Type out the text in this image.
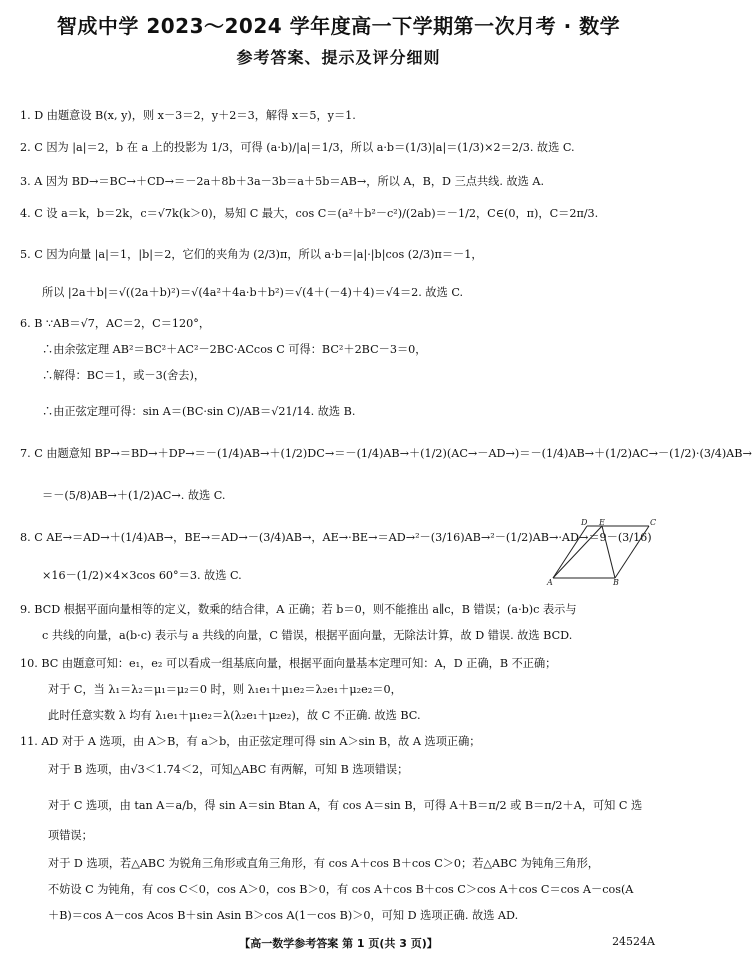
智成中学 2023～2024 学年度高一下学期第一次月考 · 数学
参考答案、提示及评分细则
1. D 由题意设 B(x, y)，则 x－3＝2，y＋2＝3，解得 x＝5，y＝1.
2. C 因为 |a|＝2，b 在 a 上的投影为 1/3，可得 (a·b)/|a|＝1/3，所以 a·b＝(1/3)|a|＝(1/3)×2＝2/3. 故选 C.
3. A 因为 BD→＝BC→＋CD→＝－2a＋8b＋3a－3b＝a＋5b＝AB→，所以 A，B，D 三点共线. 故选 A.
4. C 设 a＝k，b＝2k，c＝√7k(k＞0)，易知 C 最大，cos C＝(a²＋b²－c²)/(2ab)＝－1/2，C∈(0，π)，C＝2π/3.
5. C 因为向量 |a|＝1，|b|＝2，它们的夹角为 (2/3)π，所以 a·b＝|a|·|b|cos (2/3)π＝－1，
所以 |2a＋b|＝√((2a＋b)²)＝√(4a²＋4a·b＋b²)＝√(4＋(－4)＋4)＝√4＝2. 故选 C.
6. B ∵AB＝√7，AC＝2，C＝120°，
∴由余弦定理 AB²＝BC²＋AC²－2BC·ACcos C 可得：BC²＋2BC－3＝0，
∴解得：BC＝1，或－3(舍去)，
∴由正弦定理可得：sin A＝(BC·sin C)/AB＝√21/14. 故选 B.
7. C 由题意知 BP→＝BD→＋DP→＝－(1/4)AB→＋(1/2)DC→＝－(1/4)AB→＋(1/2)(AC→－AD→)＝－(1/4)AB→＋(1/2)AC→－(1/2)·(3/4)AB→
＝－(5/8)AB→＋(1/2)AC→. 故选 C.
8. C AE→＝AD→＋(1/4)AB→，BE→＝AD→－(3/4)AB→，AE→·BE→＝AD→²－(3/16)AB→²－(1/2)AB→·AD→＝9－(3/16)
×16－(1/2)×4×3cos 60°＝3. 故选 C.
9. BCD 根据平面向量相等的定义，数乘的结合律，A 正确；若 b＝0，则不能推出 a∥c，B 错误；(a·b)c 表示与
c 共线的向量，a(b·c) 表示与 a 共线的向量，C 错误，根据平面向量，无除法计算，故 D 错误. 故选 BCD.
10. BC 由题意可知：e₁，e₂ 可以看成一组基底向量，根据平面向量基本定理可知：A，D 正确，B 不正确；
对于 C，当 λ₁＝λ₂＝μ₁＝μ₂＝0 时，则 λ₁e₁＋μ₁e₂＝λ₂e₁＋μ₂e₂＝0，
此时任意实数 λ 均有 λ₁e₁＋μ₁e₂＝λ(λ₂e₁＋μ₂e₂)，故 C 不正确. 故选 BC.
11. AD 对于 A 选项，由 A＞B，有 a＞b，由正弦定理可得 sin A＞sin B，故 A 选项正确；
对于 B 选项，由√3＜1.74＜2，可知△ABC 有两解，可知 B 选项错误；
对于 C 选项，由 tan A＝a/b，得 sin A＝sin Btan A，有 cos A＝sin B，可得 A＋B＝π/2 或 B＝π/2＋A，可知 C 选
项错误；
对于 D 选项，若△ABC 为锐角三角形或直角三角形，有 cos A＋cos B＋cos C＞0；若△ABC 为钝角三角形，
不妨设 C 为钝角，有 cos C＜0，cos A＞0，cos B＞0，有 cos A＋cos B＋cos C＞cos A＋cos C＝cos A－cos(A
＋B)＝cos A－cos Acos B＋sin Asin B＞cos A(1－cos B)＞0，可知 D 选项正确. 故选 AD.
D E	C
A	B
【高一数学参考答案 第 1 页(共 3 页)】	24524A
